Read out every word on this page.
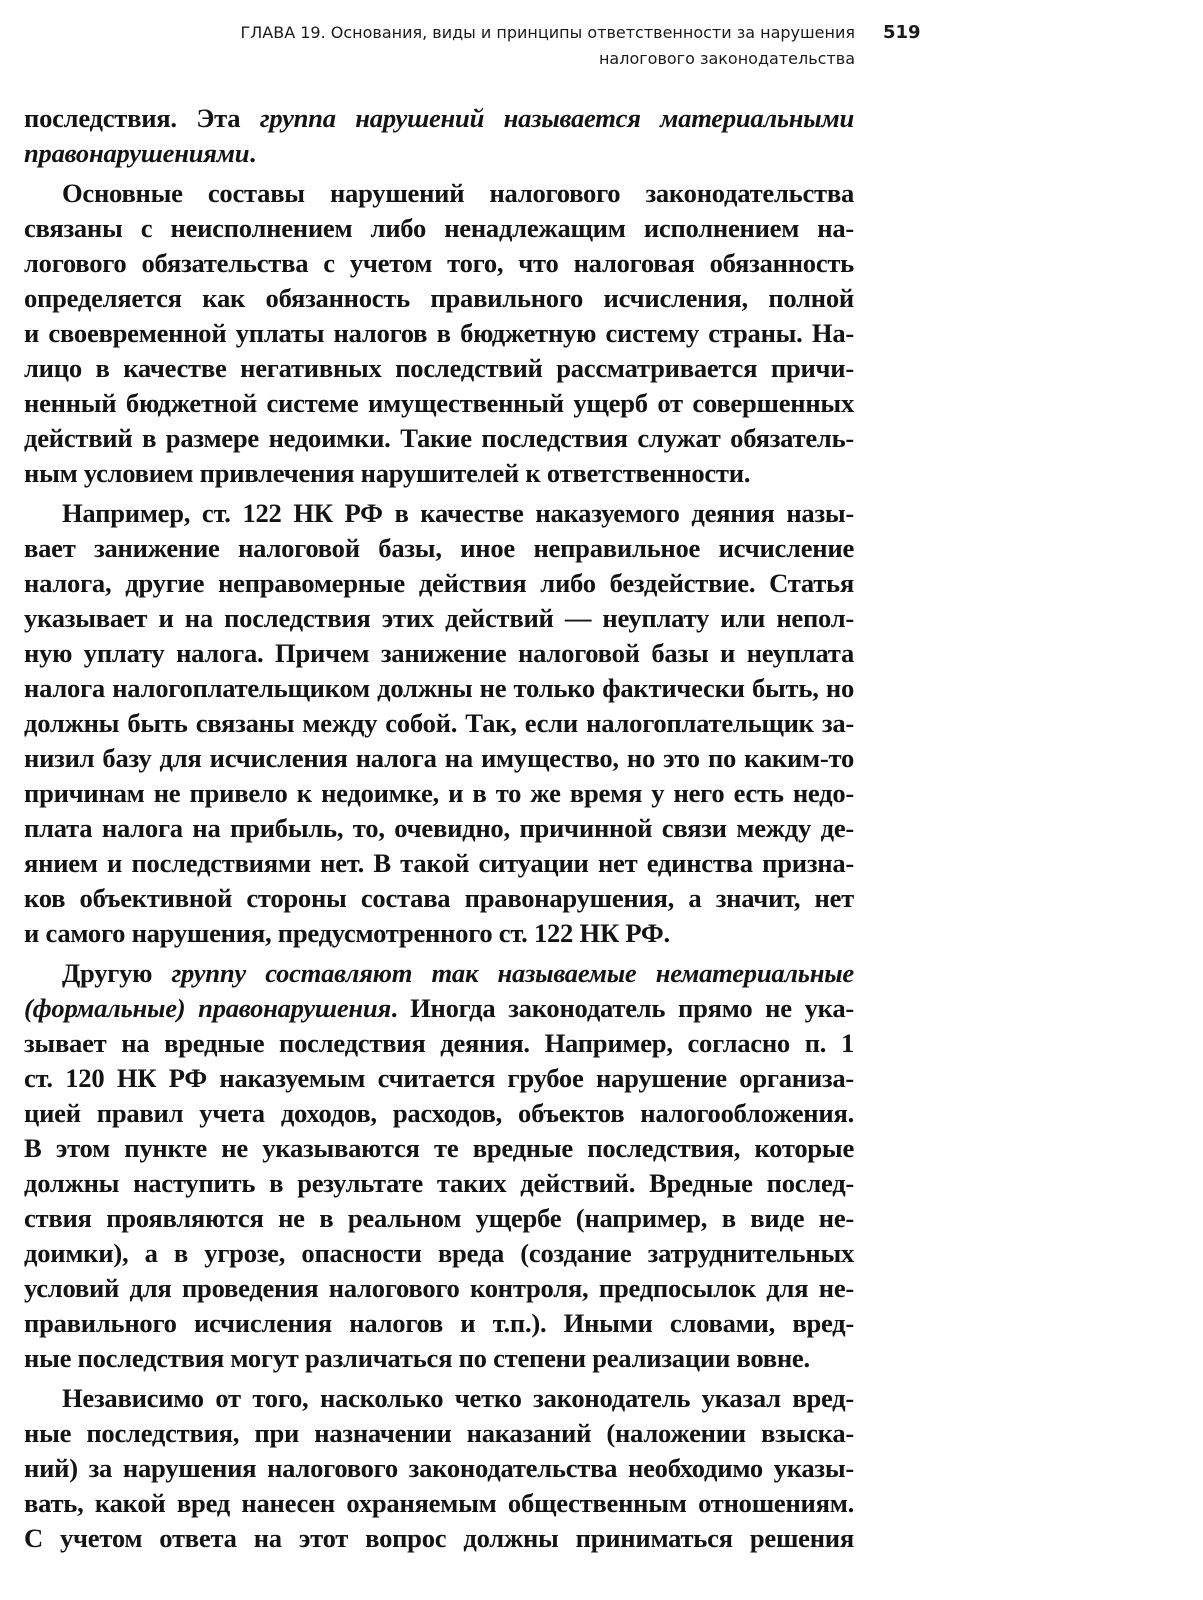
ГЛАВА 19. Основания, виды и принципы ответственности за нарушения
налогового законодательства
519

последствия. Эта группа нарушений называется материальными
правонарушениями.

Основные составы нарушений налогового законодательства
связаны с неисполнением либо ненадлежащим исполнением на-
логового обязательства с учетом того, что налоговая обязанность
определяется как обязанность правильного исчисления, полной
и своевременной уплаты налогов в бюджетную систему страны. На-
лицо в качестве негативных последствий рассматривается причи-
ненный бюджетной системе имущественный ущерб от совершенных
действий в размере недоимки. Такие последствия служат обязатель-
ным условием привлечения нарушителей к ответственности.

Например, ст. 122 НК РФ в качестве наказуемого деяния назы-
вает занижение налоговой базы, иное неправильное исчисление
налога, другие неправомерные действия либо бездействие. Статья
указывает и на последствия этих действий — неуплату или непол-
ную уплату налога. Причем занижение налоговой базы и неуплата
налога налогоплательщиком должны не только фактически быть, но
должны быть связаны между собой. Так, если налогоплательщик за-
низил базу для исчисления налога на имущество, но это по каким-то
причинам не привело к недоимке, и в то же время у него есть недо-
плата налога на прибыль, то, очевидно, причинной связи между де-
янием и последствиями нет. В такой ситуации нет единства призна-
ков объективной стороны состава правонарушения, а значит, нет
и самого нарушения, предусмотренного ст. 122 НК РФ.

Другую группу составляют так называемые нематериальные
(формальные) правонарушения. Иногда законодатель прямо не ука-
зывает на вредные последствия деяния. Например, согласно п. 1
ст. 120 НК РФ наказуемым считается грубое нарушение организа-
цией правил учета доходов, расходов, объектов налогообложения.
В этом пункте не указываются те вредные последствия, которые
должны наступить в результате таких действий. Вредные послед-
ствия проявляются не в реальном ущербе (например, в виде не-
доимки), а в угрозе, опасности вреда (создание затруднительных
условий для проведения налогового контроля, предпосылок для не-
правильного исчисления налогов и т.п.). Иными словами, вред-
ные последствия могут различаться по степени реализации вовне.

Независимо от того, насколько четко законодатель указал вред-
ные последствия, при назначении наказаний (наложении взыска-
ний) за нарушения налогового законодательства необходимо указы-
вать, какой вред нанесен охраняемым общественным отношениям.
С учетом ответа на этот вопрос должны приниматься решения
